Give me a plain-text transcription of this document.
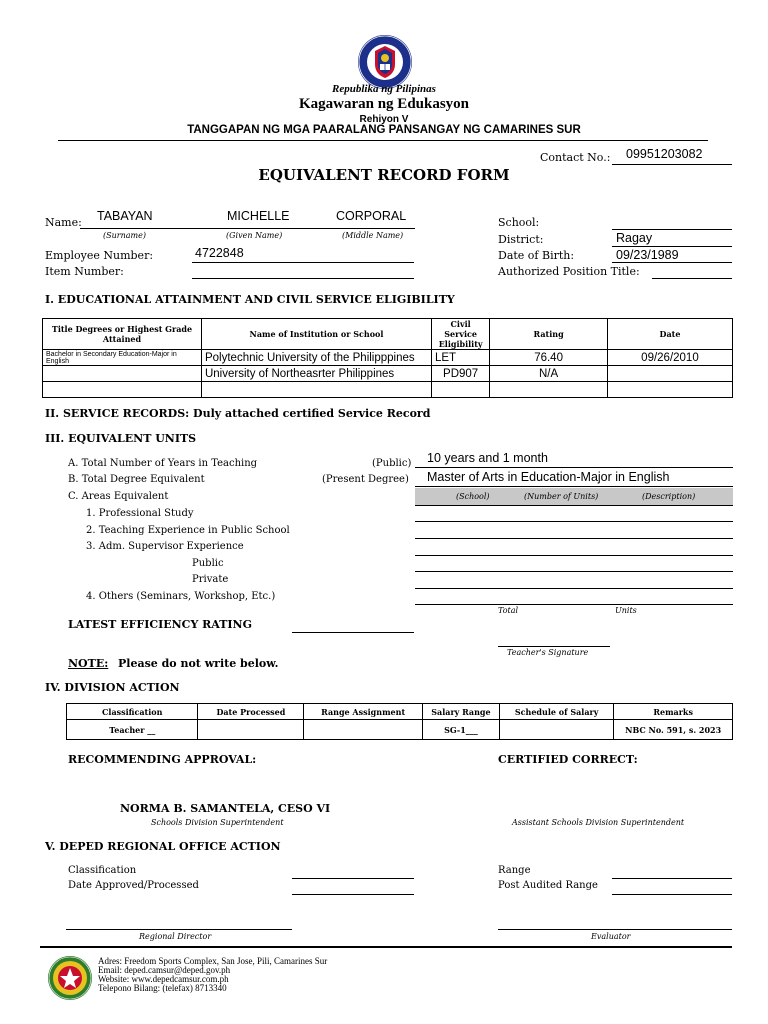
Republika ng Pilipinas
Kagawaran ng Edukasyon
Rehiyon V
TANGGAPAN NG MGA PAARALANG PANSANGAY NG CAMARINES SUR
Contact No.: 09951203082
EQUIVALENT RECORD FORM
Name: TABAYAN	MICHELLE	CORPORAL
(Surname)	(Given Name)	(Middle Name)
Employee Number:	4722848
Item Number:
School:
District:	Ragay
Date of Birth:	09/23/1989
Authorized Position Title:
I. EDUCATIONAL ATTAINMENT AND CIVIL SERVICE ELIGIBILITY
Title Degrees or Highest Grade Attained	Name of Institution or School	Civil Service Eligibility	Rating	Date
Bachelor in Secondary Education-Major in English	Polytechnic University of the Philipppines	LET	76.40	09/26/2010
	University of Northeasrter Philippines	PD907	N/A	

II. SERVICE RECORDS: Duly attached certified Service Record
III. EQUIVALENT UNITS
A. Total Number of Years in Teaching	(Public) 10 years and 1 month
B. Total Degree Equivalent	(Present Degree) Master of Arts in Education-Major in English
C. Areas Equivalent	(School)	(Number of Units)	(Description)
1. Professional Study
2. Teaching Experience in Public School
3. Adm. Supervisor Experience
Public
Private
4. Others (Seminars, Workshop, Etc.)
Total	Units
LATEST EFFICIENCY RATING
Teacher's Signature
NOTE: Please do not write below.
IV. DIVISION ACTION
Classification	Date Processed	Range Assignment	Salary Range	Schedule of Salary	Remarks
Teacher __			SG-1___		NBC No. 591, s. 2023
RECOMMENDING APPROVAL:	CERTIFIED CORRECT:
NORMA B. SAMANTELA, CESO VI
Schools Division Superintendent	Assistant Schools Division Superintendent
V. DEPED REGIONAL OFFICE ACTION
Classification
Date Approved/Processed
Range
Post Audited Range
Regional Director	Evaluator
Adres: Freedom Sports Complex, San Jose, Pili, Camarines Sur
Email: deped.camsur@deped.gov.ph
Website: www.depedcamsur.com.ph
Telepono Bilang: (telefax) 8713340
